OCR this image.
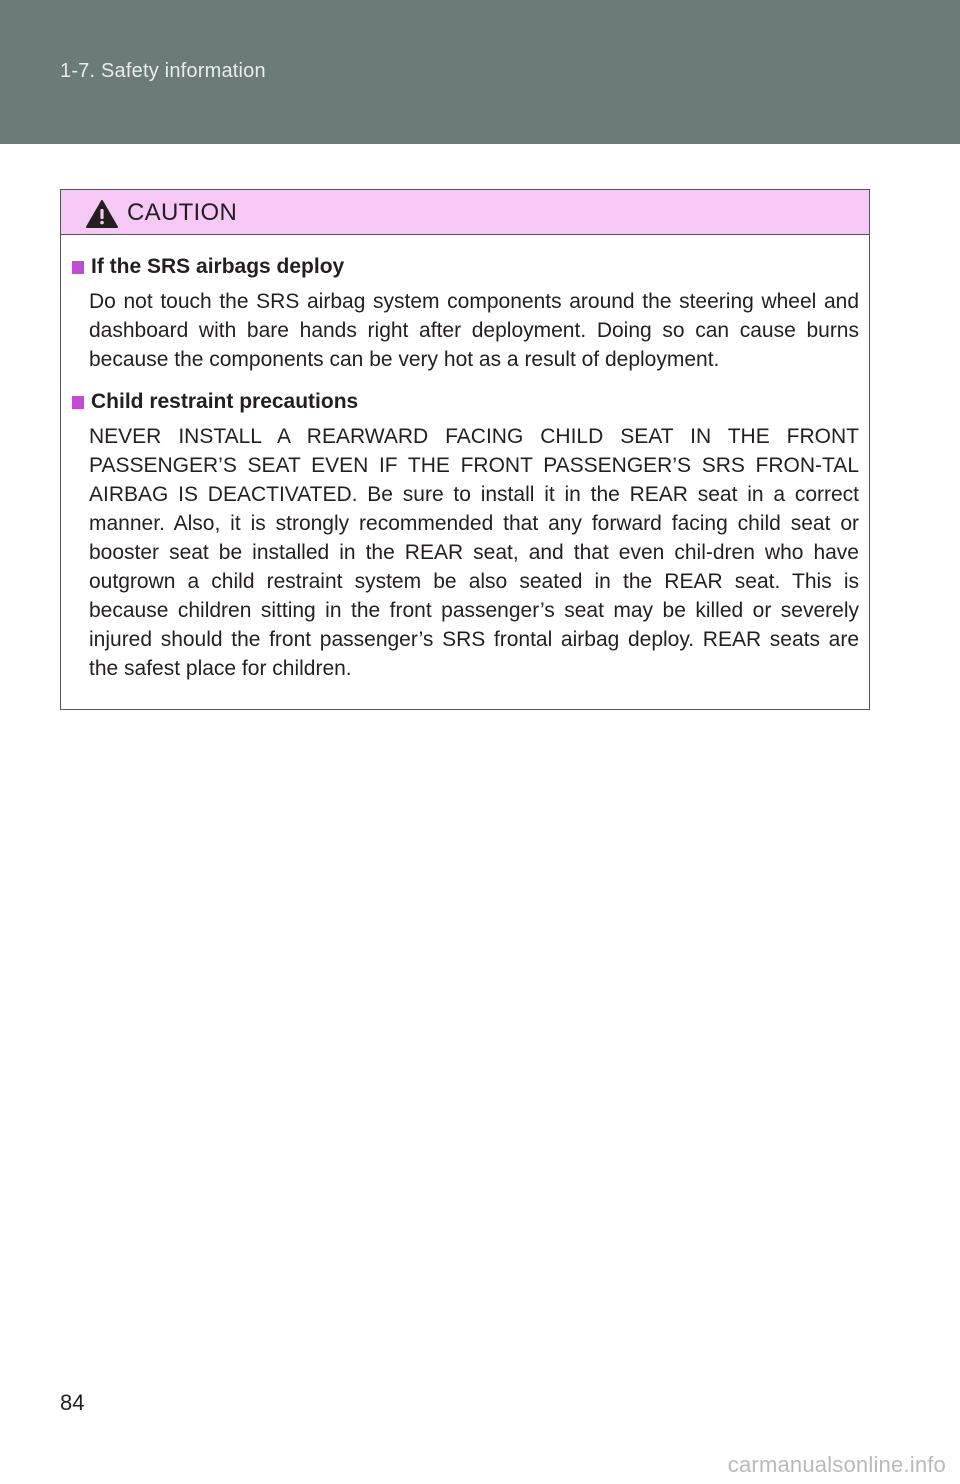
1-7. Safety information
CAUTION
If the SRS airbags deploy

Do not touch the SRS airbag system components around the steering wheel and dashboard with bare hands right after deployment. Doing so can cause burns because the components can be very hot as a result of deployment.

Child restraint precautions

NEVER INSTALL A REARWARD FACING CHILD SEAT IN THE FRONT PASSENGER’S SEAT EVEN IF THE FRONT PASSENGER’S SRS FRON-TAL AIRBAG IS DEACTIVATED. Be sure to install it in the REAR seat in a correct manner. Also, it is strongly recommended that any forward facing child seat or booster seat be installed in the REAR seat, and that even chil-dren who have outgrown a child restraint system be also seated in the REAR seat. This is because children sitting in the front passenger’s seat may be killed or severely injured should the front passenger’s SRS frontal airbag deploy. REAR seats are the safest place for children.

84
carmanualsonline.info
